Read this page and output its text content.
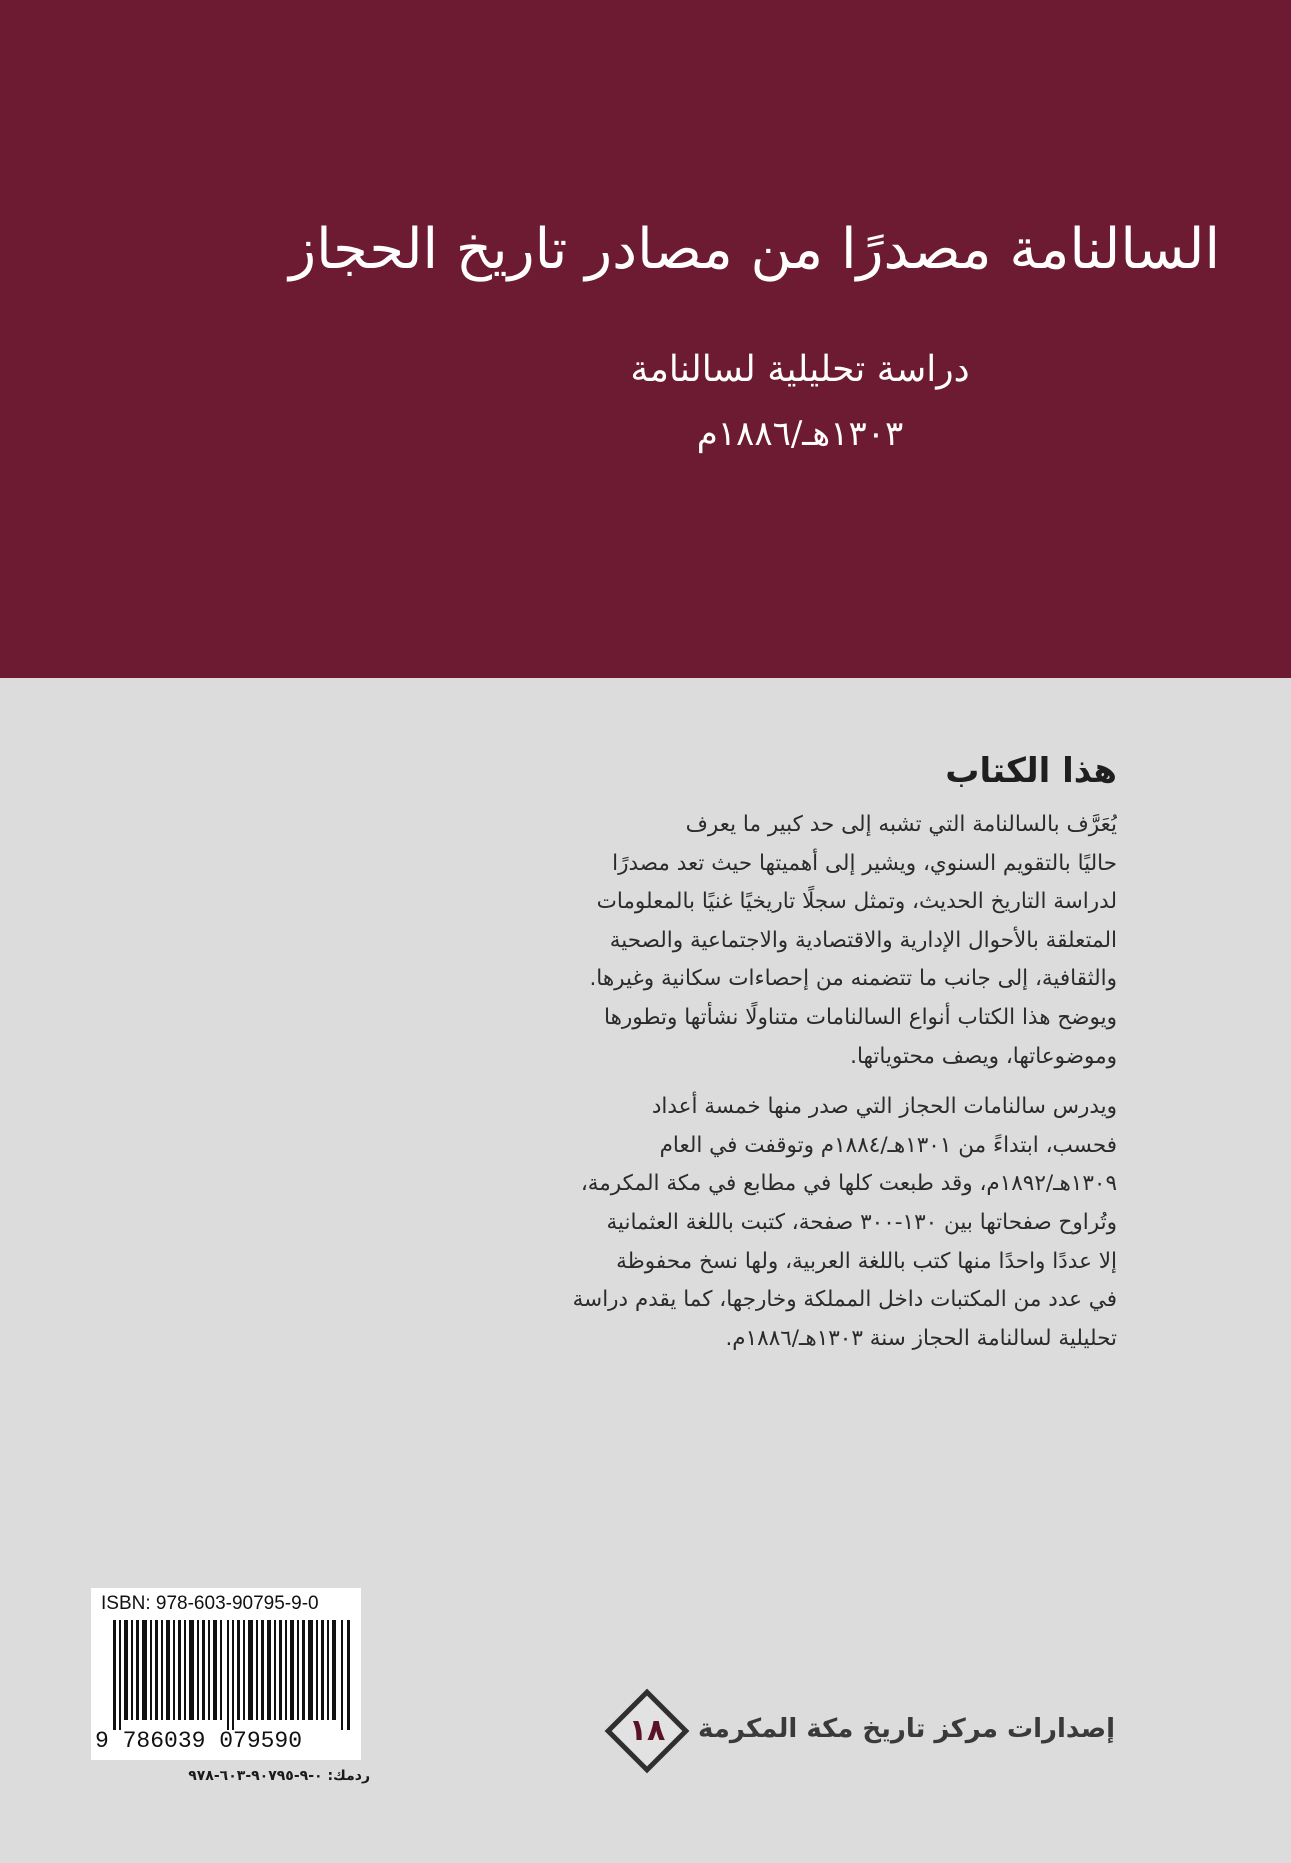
السالنامة مصدرًا من مصادر تاريخ الحجاز
دراسة تحليلية لسالنامة
١٣٠٣هـ/١٨٨٦م
هذا الكتاب
يُعَرَّف بالسالنامة التي تشبه إلى حد كبير ما يعرف
حاليًا بالتقويم السنوي، ويشير إلى أهميتها حيث تعد مصدرًا
لدراسة التاريخ الحديث، وتمثل سجلًا تاريخيًا غنيًا بالمعلومات
المتعلقة بالأحوال الإدارية والاقتصادية والاجتماعية والصحية
والثقافية، إلى جانب ما تتضمنه من إحصاءات سكانية وغيرها.
ويوضح هذا الكتاب أنواع السالنامات متناولًا نشأتها وتطورها
وموضوعاتها، ويصف محتوياتها.
ويدرس سالنامات الحجاز التي صدر منها خمسة أعداد
فحسب، ابتداءً من ١٣٠١هـ/١٨٨٤م وتوقفت في العام
١٣٠٩هـ/١٨٩٢م، وقد طبعت كلها في مطابع في مكة المكرمة،
وتُراوح صفحاتها بين ١٣٠-٣٠٠ صفحة، كتبت باللغة العثمانية
إلا عددًا واحدًا منها كتب باللغة العربية، ولها نسخ محفوظة
في عدد من المكتبات داخل المملكة وخارجها، كما يقدم دراسة
تحليلية لسالنامة الحجاز سنة ١٣٠٣هـ/١٨٨٦م.
ISBN: 978-603-90795-9-0
9 786039 079590
ردمك: ٠-٩-٩٠٧٩٥-٦٠٣-٩٧٨
١٨	إصدارات مركز تاريخ مكة المكرمة
